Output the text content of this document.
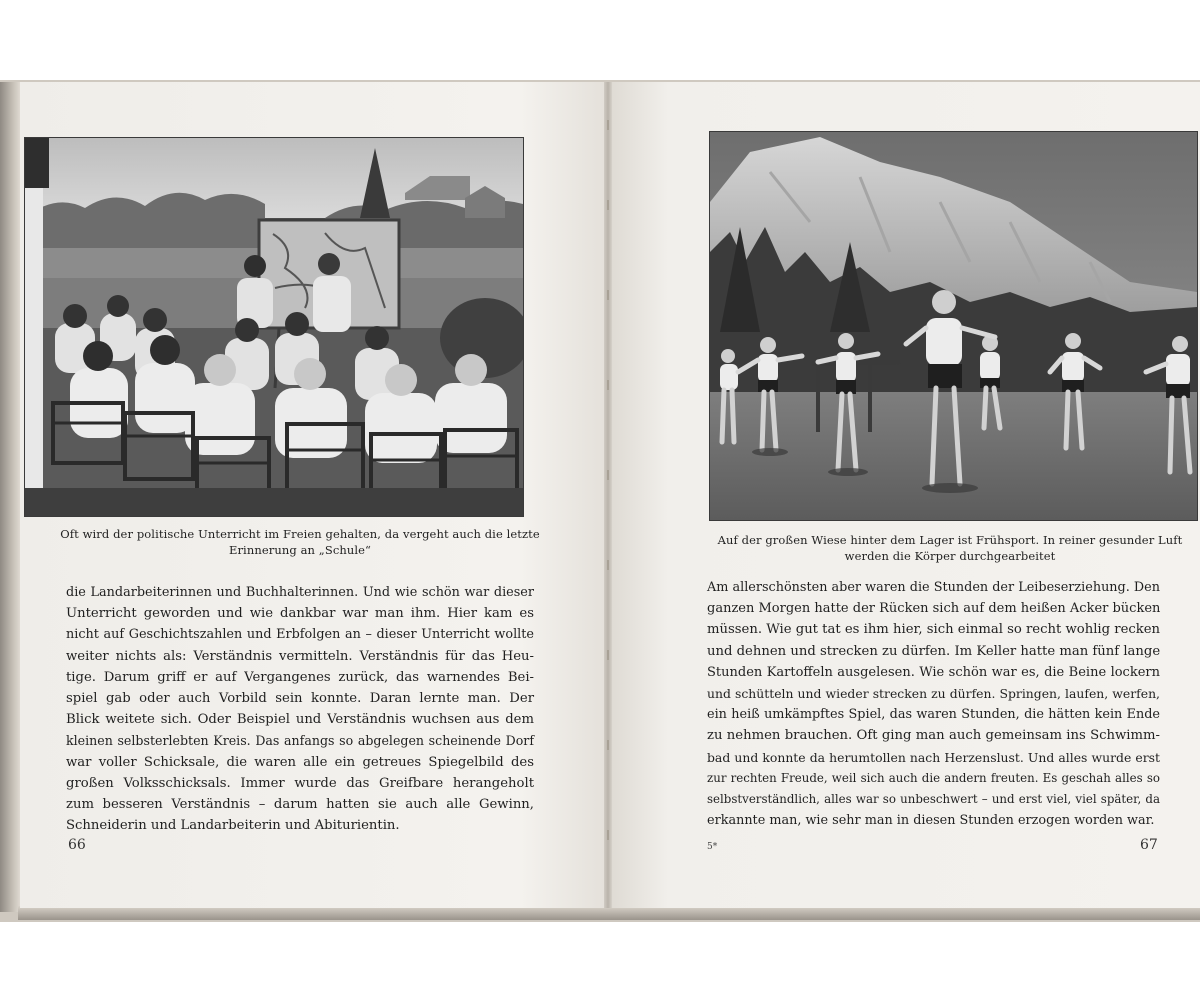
Oft wird der politische Unterricht im Freien gehalten, da vergeht auch die letzte
Erinnerung an „Schule“
die Landarbeiterinnen und Buchhalterinnen. Und wie schön war dieser
Unterricht geworden und wie dankbar war man ihm. Hier kam es
nicht auf Geschichtszahlen und Erbfolgen an – dieser Unterricht wollte
weiter nichts als: Verständnis vermitteln. Verständnis für das Heu-
tige. Darum griff er auf Vergangenes zurück, das warnendes Bei-
spiel gab oder auch Vorbild sein konnte. Daran lernte man. Der
Blick weitete sich. Oder Beispiel und Verständnis wuchsen aus dem
kleinen selbsterlebten Kreis. Das anfangs so abgelegen scheinende Dorf
war voller Schicksale, die waren alle ein getreues Spiegelbild des
großen Volksschicksals. Immer wurde das Greifbare herangeholt
zum besseren Verständnis – darum hatten sie auch alle Gewinn,
Schneiderin und Landarbeiterin und Abiturientin.
66
Auf der großen Wiese hinter dem Lager ist Frühsport. In reiner gesunder Luft
werden die Körper durchgearbeitet
Am allerschönsten aber waren die Stunden der Leibeserziehung. Den
ganzen Morgen hatte der Rücken sich auf dem heißen Acker bücken
müssen. Wie gut tat es ihm hier, sich einmal so recht wohlig recken
und dehnen und strecken zu dürfen. Im Keller hatte man fünf lange
Stunden Kartoffeln ausgelesen. Wie schön war es, die Beine lockern
und schütteln und wieder strecken zu dürfen. Springen, laufen, werfen,
ein heiß umkämpftes Spiel, das waren Stunden, die hätten kein Ende
zu nehmen brauchen. Oft ging man auch gemeinsam ins Schwimm-
bad und konnte da herumtollen nach Herzenslust. Und alles wurde erst
zur rechten Freude, weil sich auch die andern freuten. Es geschah alles so
selbstverständlich, alles war so unbeschwert – und erst viel, viel später, da
erkannte man, wie sehr man in diesen Stunden erzogen worden war.
5*	67
